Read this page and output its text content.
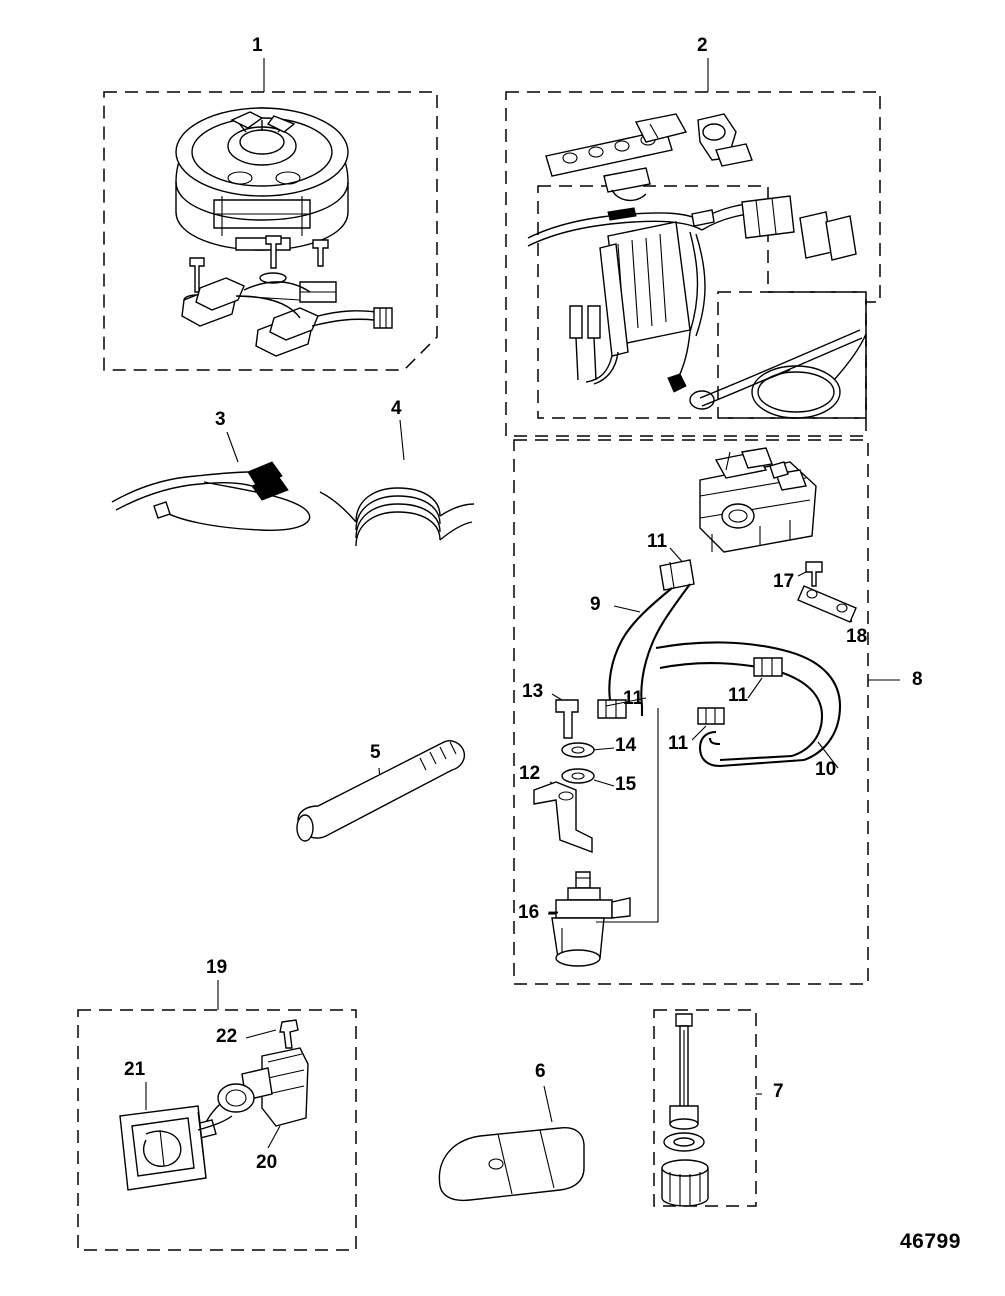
1	2
3
4
5
6
7
8
9
10
11
11	11
11
12
13
14
15
16
17
18
19
20
21
22
–
46799
